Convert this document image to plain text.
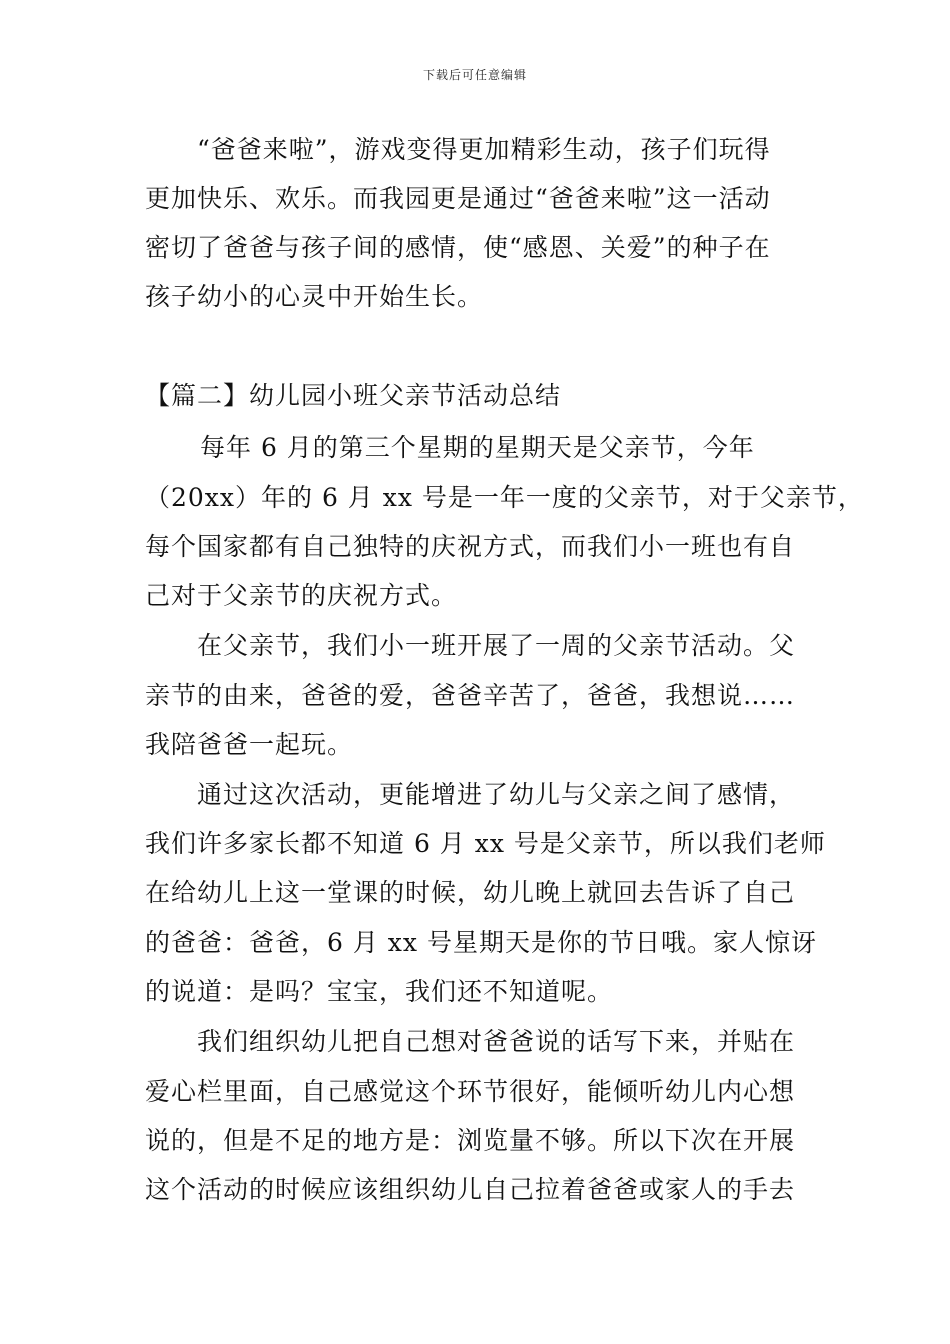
下载后可任意编辑
“爸爸来啦”，游戏变得更加精彩生动，孩子们玩得
更加快乐、欢乐。而我园更是通过“爸爸来啦”这一活动
密切了爸爸与孩子间的感情，使“感恩、关爱”的种子在
孩子幼小的心灵中开始生长。
【篇二】幼儿园小班父亲节活动总结
每年 6 月的第三个星期的星期天是父亲节，今年
（20xx）年的 6 月 xx 号是一年一度的父亲节，对于父亲节，
每个国家都有自己独特的庆祝方式，而我们小一班也有自
己对于父亲节的庆祝方式。
在父亲节，我们小一班开展了一周的父亲节活动。父
亲节的由来，爸爸的爱，爸爸辛苦了，爸爸，我想说……
我陪爸爸一起玩。
通过这次活动，更能增进了幼儿与父亲之间了感情，
我们许多家长都不知道 6 月 xx 号是父亲节，所以我们老师
在给幼儿上这一堂课的时候，幼儿晚上就回去告诉了自己
的爸爸：爸爸，6 月 xx 号星期天是你的节日哦。家人惊讶
的说道：是吗？宝宝，我们还不知道呢。
我们组织幼儿把自己想对爸爸说的话写下来，并贴在
爱心栏里面，自己感觉这个环节很好，能倾听幼儿内心想
说的，但是不足的地方是：浏览量不够。所以下次在开展
这个活动的时候应该组织幼儿自己拉着爸爸或家人的手去
